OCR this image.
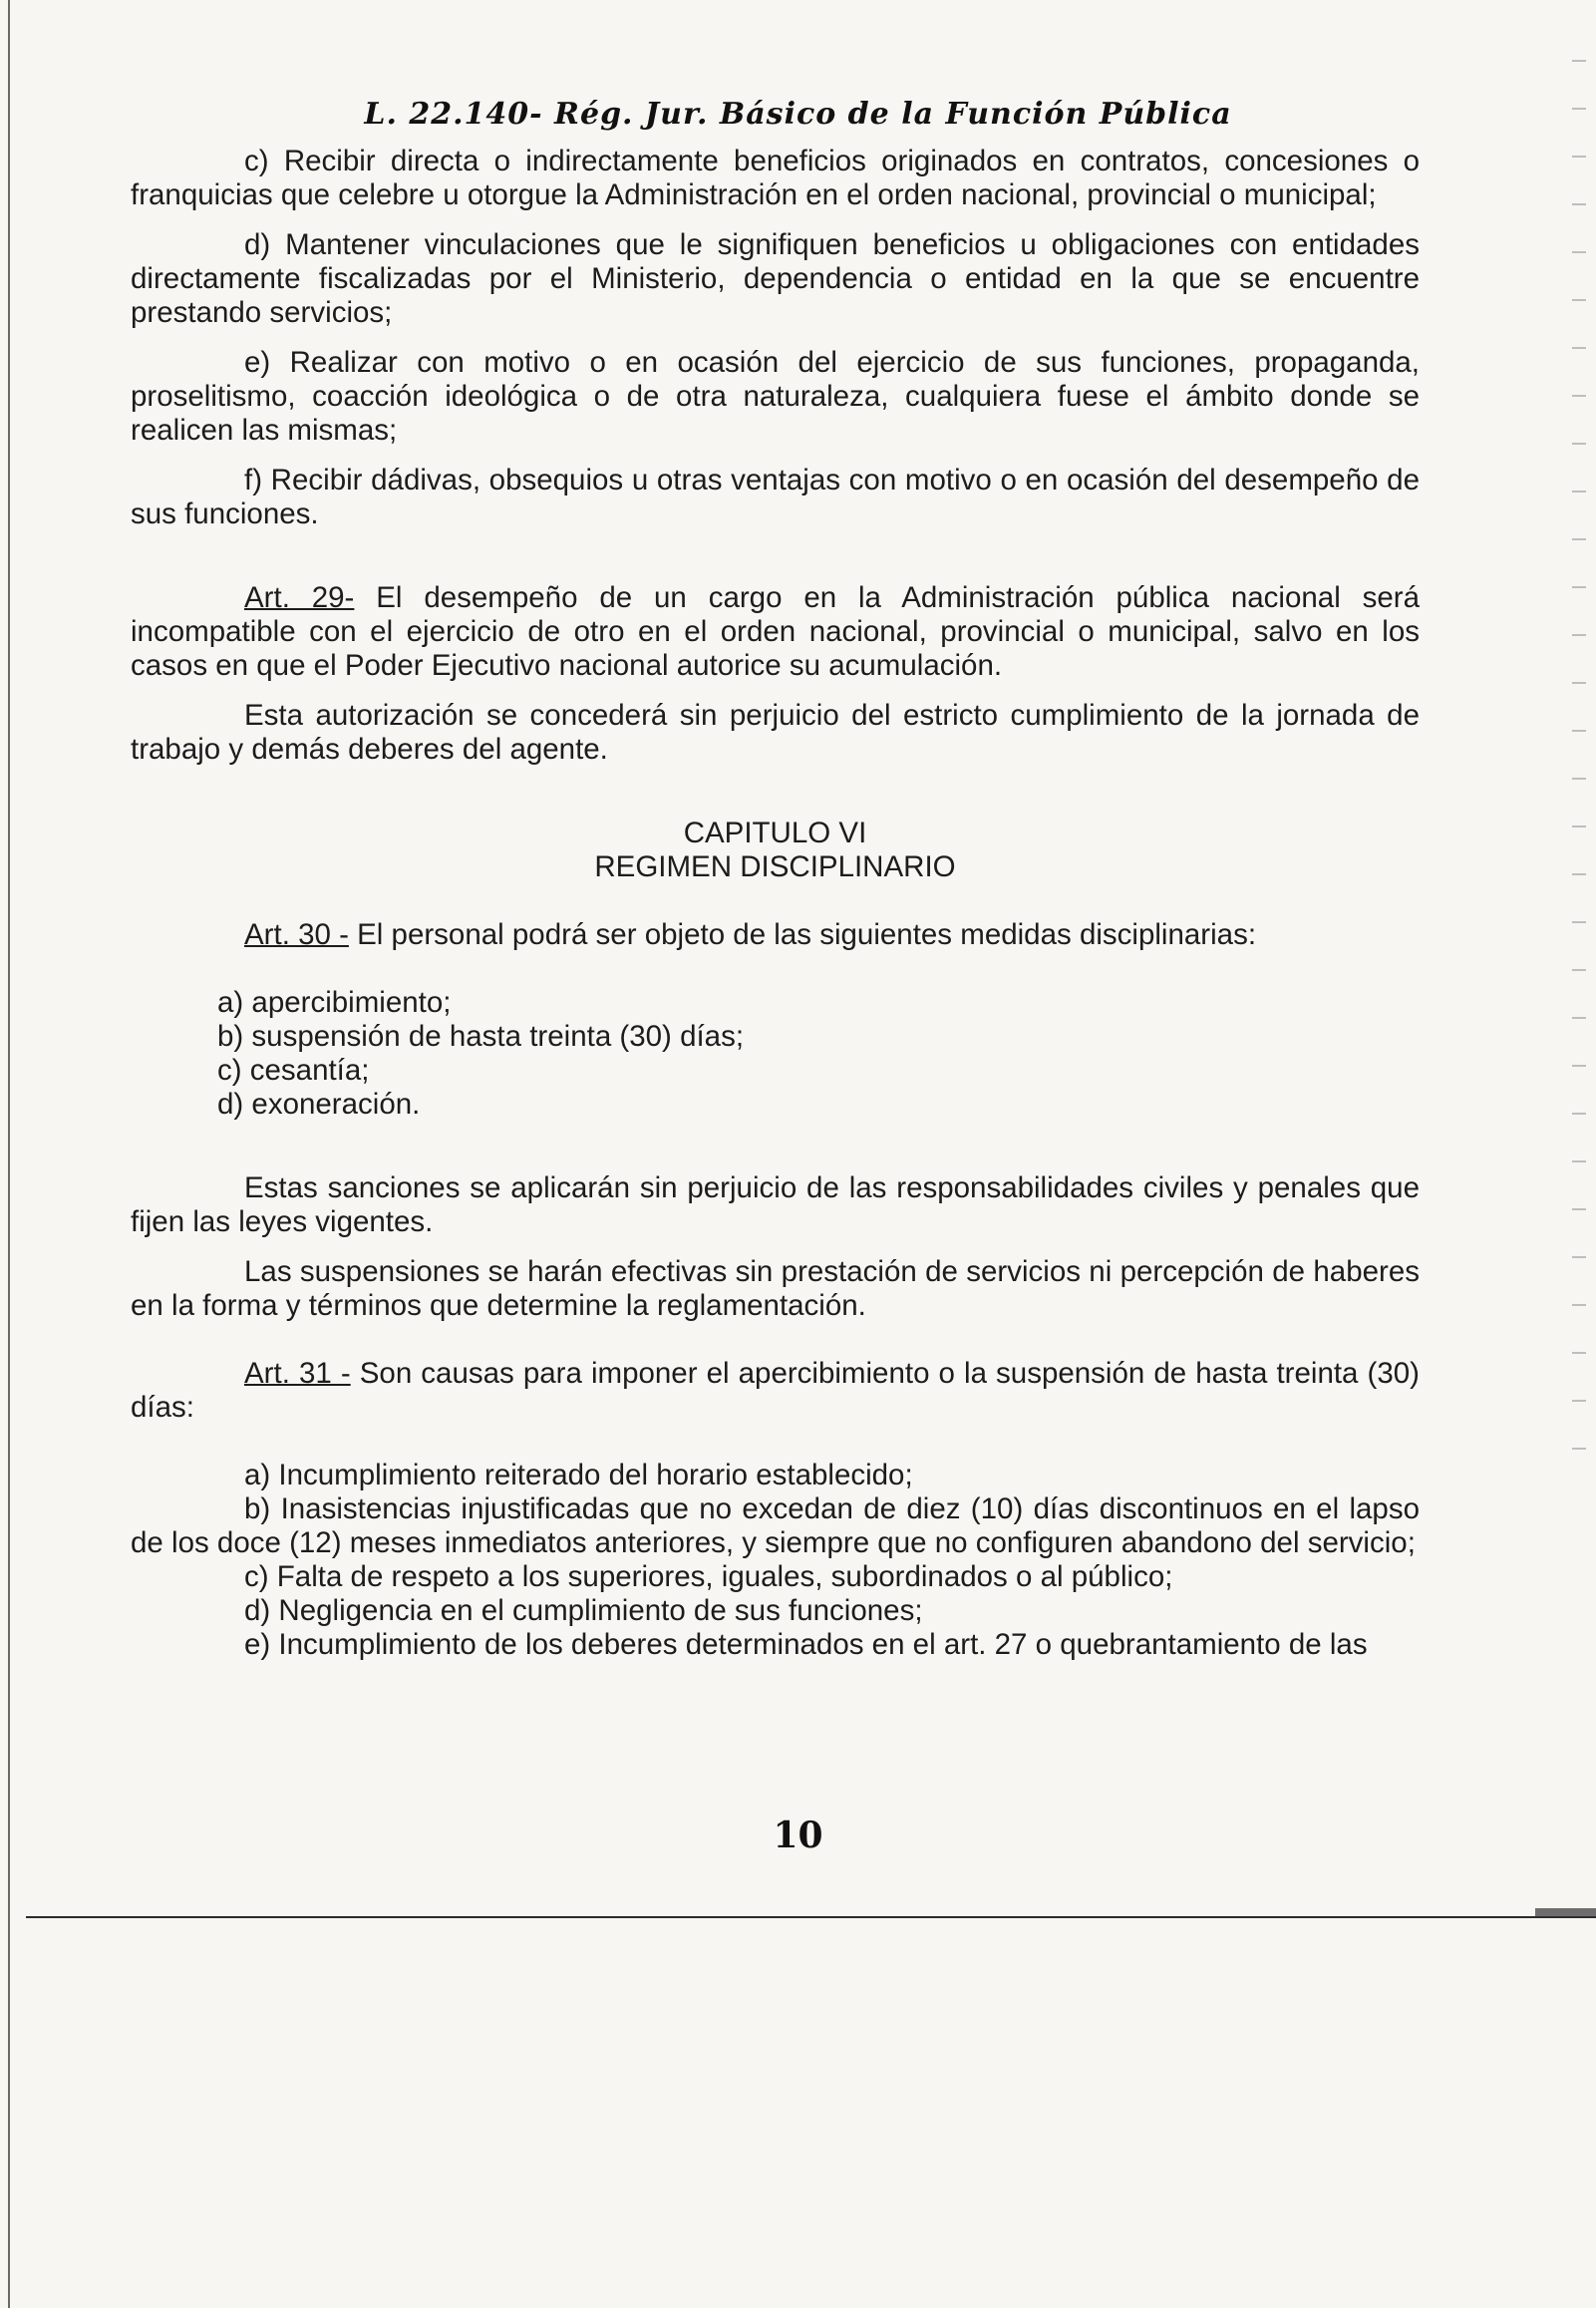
L. 22.140- Rég. Jur. Básico de la Función Pública

c) Recibir directa o indirectamente beneficios originados en contratos, concesiones o franquicias que celebre u otorgue la Administración en el orden nacional, provincial o municipal;

d) Mantener vinculaciones que le signifiquen beneficios u obligaciones con entidades directamente fiscalizadas por el Ministerio, dependencia o entidad en la que se encuentre prestando servicios;

e) Realizar con motivo o en ocasión del ejercicio de sus funciones, propaganda, proselitismo, coacción ideológica o de otra naturaleza, cualquiera fuese el ámbito donde se realicen las mismas;

f) Recibir dádivas, obsequios u otras ventajas con motivo o en ocasión del desempeño de sus funciones.

Art. 29- El desempeño de un cargo en la Administración pública nacional será incompatible con el ejercicio de otro en el orden nacional, provincial o municipal, salvo en los casos en que el Poder Ejecutivo nacional autorice su acumulación.

Esta autorización se concederá sin perjuicio del estricto cumplimiento de la jornada de trabajo y demás deberes del agente.

CAPITULO VI

REGIMEN DISCIPLINARIO

Art. 30 - El personal podrá ser objeto de las siguientes medidas disciplinarias:

a) apercibimiento;

b) suspensión de hasta treinta (30) días;

c) cesantía;

d) exoneración.

Estas sanciones se aplicarán sin perjuicio de las responsabilidades civiles y penales que fijen las leyes vigentes.

Las suspensiones se harán efectivas sin prestación de servicios ni percepción de haberes en la forma y términos que determine la reglamentación.

Art. 31 - Son causas para imponer el apercibimiento o la suspensión de hasta treinta (30) días:

a) Incumplimiento reiterado del horario establecido;

b) Inasistencias injustificadas que no excedan de diez (10) días discontinuos en el lapso de los doce (12) meses inmediatos anteriores, y siempre que no configuren abandono del servicio;

c) Falta de respeto a los superiores, iguales, subordinados o al público;

d) Negligencia en el cumplimiento de sus funciones;

e) Incumplimiento de los deberes determinados en el art. 27 o quebrantamiento de las

10
